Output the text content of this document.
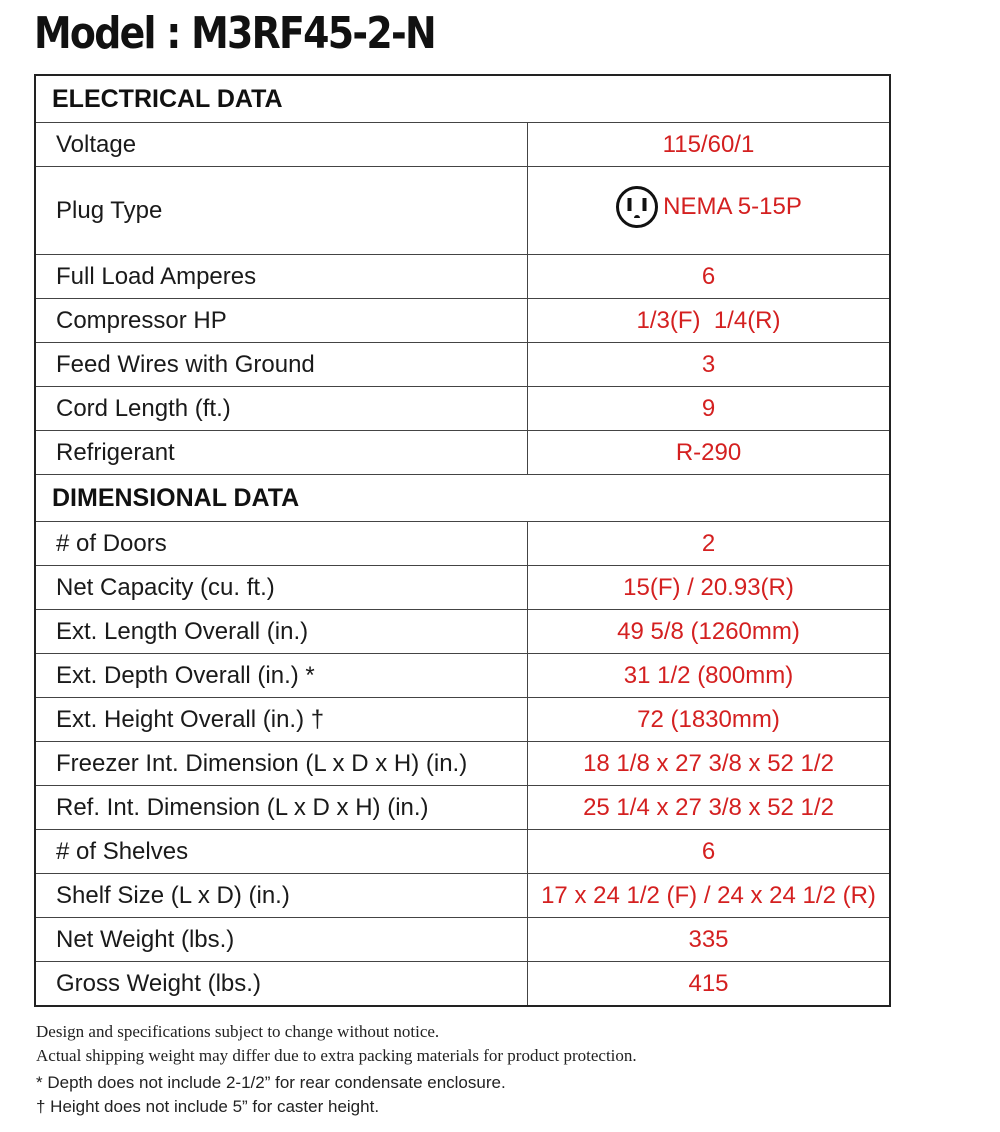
Model : M3RF45-2-N
ELECTRICAL DATA	
Voltage	115/60/1
Plug Type	NEMA 5-15P

Full Load Amperes	6
Compressor HP	1/3(F)  1/4(R)
Feed Wires with Ground	3
Cord Length (ft.)	9
Refrigerant	R-290
DIMENSIONAL DATA	
# of Doors	2
Net Capacity (cu. ft.)	15(F) / 20.93(R)
Ext. Length Overall (in.)	49 5/8 (1260mm)
Ext. Depth Overall (in.) *	31 1/2 (800mm)
Ext. Height Overall (in.) †	72 (1830mm)
Freezer Int. Dimension (L x D x H) (in.)	18 1/8 x 27 3/8 x 52 1/2
Ref. Int. Dimension (L x D x H) (in.)	25 1/4 x 27 3/8 x 52 1/2
# of Shelves	6
Shelf Size (L x D) (in.)	17 x 24 1/2 (F) / 24 x 24 1/2 (R)
Net Weight (lbs.)	335
Gross Weight (lbs.)	415
Design and specifications subject to change without notice.
Actual shipping weight may differ due to extra packing materials for product protection.
* Depth does not include 2-1/2” for rear condensate enclosure.
† Height does not include 5” for caster height.
